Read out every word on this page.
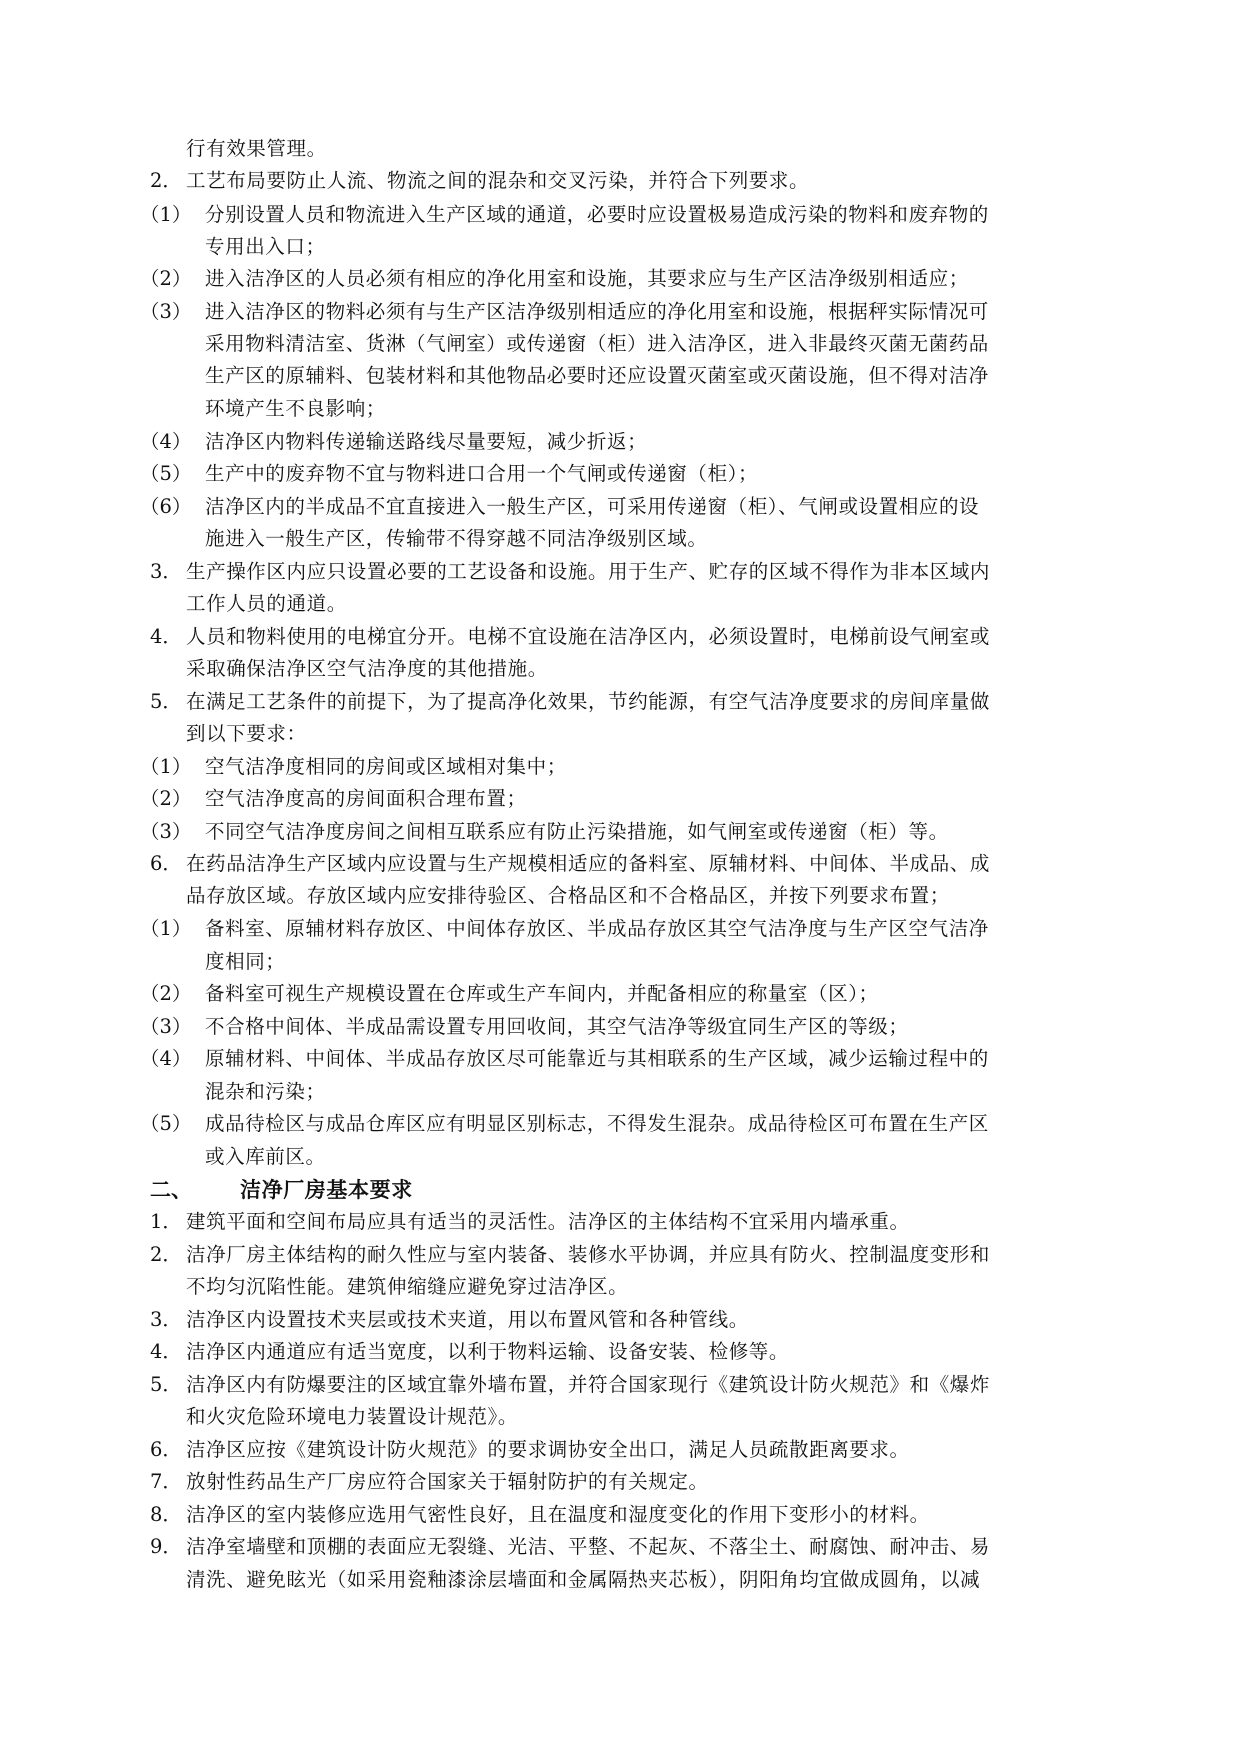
行有效果管理。
2． 工艺布局要防止人流、物流之间的混杂和交叉污染，并符合下列要求。
（1） 分别设置人员和物流进入生产区域的通道，必要时应设置极易造成污染的物料和废弃物的
专用出入口；
（2） 进入洁净区的人员必须有相应的净化用室和设施，其要求应与生产区洁净级别相适应；
（3） 进入洁净区的物料必须有与生产区洁净级别相适应的净化用室和设施，根据秤实际情况可
采用物料清洁室、货淋（气闸室）或传递窗（柜）进入洁净区，进入非最终灭菌无菌药品
生产区的原辅料、包装材料和其他物品必要时还应设置灭菌室或灭菌设施，但不得对洁净
环境产生不良影响；
（4） 洁净区内物料传递输送路线尽量要短，减少折返；
（5） 生产中的废弃物不宜与物料进口合用一个气闸或传递窗（柜）；
（6） 洁净区内的半成品不宜直接进入一般生产区，可采用传递窗（柜）、气闸或设置相应的设
施进入一般生产区，传输带不得穿越不同洁净级别区域。
3． 生产操作区内应只设置必要的工艺设备和设施。用于生产、贮存的区域不得作为非本区域内
工作人员的通道。
4． 人员和物料使用的电梯宜分开。电梯不宜设施在洁净区内，必须设置时，电梯前设气闸室或
采取确保洁净区空气洁净度的其他措施。
5． 在满足工艺条件的前提下，为了提高净化效果，节约能源，有空气洁净度要求的房间庠量做
到以下要求：
（1） 空气洁净度相同的房间或区域相对集中；
（2） 空气洁净度高的房间面积合理布置；
（3） 不同空气洁净度房间之间相互联系应有防止污染措施，如气闸室或传递窗（柜）等。
6． 在药品洁净生产区域内应设置与生产规模相适应的备料室、原辅材料、中间体、半成品、成
品存放区域。存放区域内应安排待验区、合格品区和不合格品区，并按下列要求布置；
（1） 备料室、原辅材料存放区、中间体存放区、半成品存放区其空气洁净度与生产区空气洁净
度相同；
（2） 备料室可视生产规模设置在仓库或生产车间内，并配备相应的称量室（区）；
（3） 不合格中间体、半成品需设置专用回收间，其空气洁净等级宜同生产区的等级；
（4） 原辅材料、中间体、半成品存放区尽可能靠近与其相联系的生产区域，减少运输过程中的
混杂和污染；
（5） 成品待检区与成品仓库区应有明显区别标志，不得发生混杂。成品待检区可布置在生产区
或入库前区。
二、 洁净厂房基本要求
1． 建筑平面和空间布局应具有适当的灵活性。洁净区的主体结构不宜采用内墙承重。
2． 洁净厂房主体结构的耐久性应与室内装备、装修水平协调，并应具有防火、控制温度变形和
不均匀沉陷性能。建筑伸缩缝应避免穿过洁净区。
3． 洁净区内设置技术夹层或技术夹道，用以布置风管和各种管线。
4． 洁净区内通道应有适当宽度，以利于物料运输、设备安装、检修等。
5． 洁净区内有防爆要注的区域宜靠外墙布置，并符合国家现行《建筑设计防火规范》和《爆炸
和火灾危险环境电力装置设计规范》。
6． 洁净区应按《建筑设计防火规范》的要求调协安全出口，满足人员疏散距离要求。
7． 放射性药品生产厂房应符合国家关于辐射防护的有关规定。
8． 洁净区的室内装修应选用气密性良好，且在温度和湿度变化的作用下变形小的材料。
9． 洁净室墙壁和顶棚的表面应无裂缝、光洁、平整、不起灰、不落尘土、耐腐蚀、耐冲击、易
清洗、避免眩光（如采用瓷釉漆涂层墙面和金属隔热夹芯板），阴阳角均宜做成圆角，以减
